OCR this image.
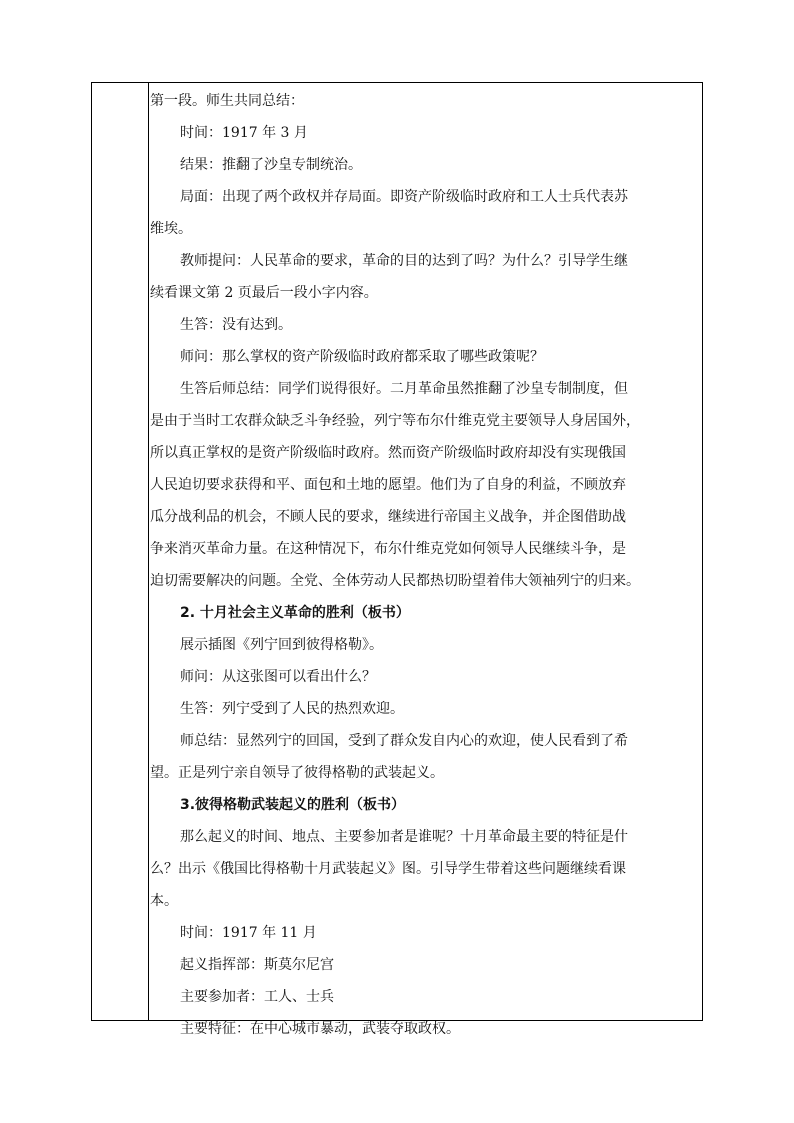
第一段。师生共同总结：
时间：1917 年 3 月
结果：推翻了沙皇专制统治。
局面：出现了两个政权并存局面。即资产阶级临时政府和工人士兵代表苏
维埃。
教师提问：人民革命的要求，革命的目的达到了吗？为什么？引导学生继
续看课文第 2 页最后一段小字内容。
生答：没有达到。
师问：那么掌权的资产阶级临时政府都采取了哪些政策呢？
生答后师总结：同学们说得很好。二月革命虽然推翻了沙皇专制制度，但
是由于当时工农群众缺乏斗争经验，列宁等布尔什维克党主要领导人身居国外，
所以真正掌权的是资产阶级临时政府。然而资产阶级临时政府却没有实现俄国
人民迫切要求获得和平、面包和土地的愿望。他们为了自身的利益，不顾放弃
瓜分战利品的机会，不顾人民的要求，继续进行帝国主义战争，并企图借助战
争来消灭革命力量。在这种情况下，布尔什维克党如何领导人民继续斗争，是
迫切需要解决的问题。全党、全体劳动人民都热切盼望着伟大领袖列宁的归来。
2. 十月社会主义革命的胜利（板书）
展示插图《列宁回到彼得格勒》。
师问：从这张图可以看出什么？
生答：列宁受到了人民的热烈欢迎。
师总结：显然列宁的回国，受到了群众发自内心的欢迎，使人民看到了希
望。正是列宁亲自领导了彼得格勒的武装起义。
3.彼得格勒武装起义的胜利（板书）
那么起义的时间、地点、主要参加者是谁呢？十月革命最主要的特征是什
么？出示《俄国比得格勒十月武装起义》图。引导学生带着这些问题继续看课
本。
时间：1917 年 11 月
起义指挥部：斯莫尔尼宫
主要参加者：工人、士兵
主要特征：在中心城市暴动，武装夺取政权。
